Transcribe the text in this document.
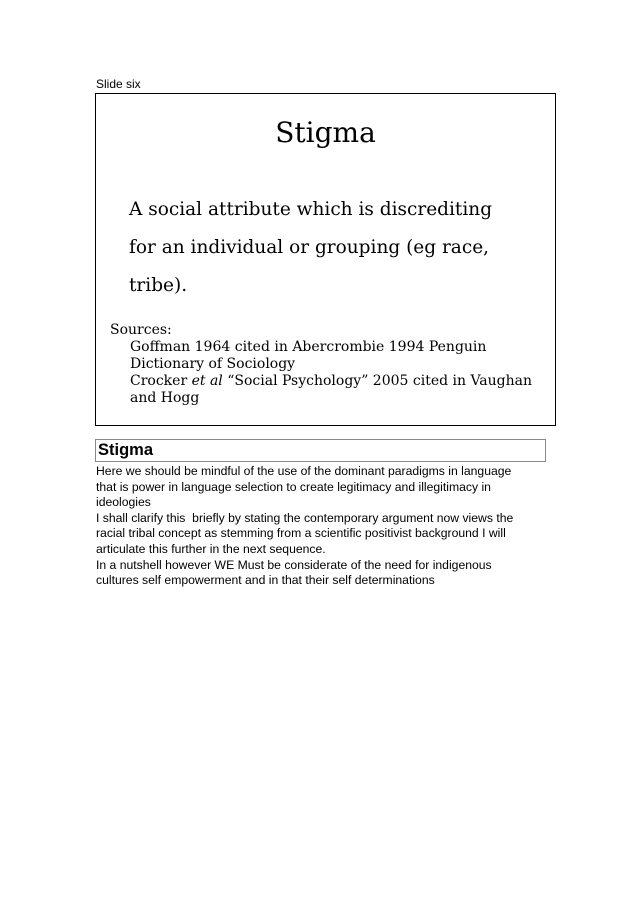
Slide six
Stigma
A social attribute which is discrediting
for an individual or grouping (eg race,
tribe).
Sources:
Goffman 1964 cited in Abercrombie 1994 Penguin
Dictionary of Sociology
Crocker et al “Social Psychology” 2005 cited in Vaughan
and Hogg
Stigma
Here we should be mindful of the use of the dominant paradigms in language
that is power in language selection to create legitimacy and illegitimacy in
ideologies
I shall clarify this  briefly by stating the contemporary argument now views the
racial tribal concept as stemming from a scientific positivist background I will
articulate this further in the next sequence.
In a nutshell however WE Must be considerate of the need for indigenous
cultures self empowerment and in that their self determinations
